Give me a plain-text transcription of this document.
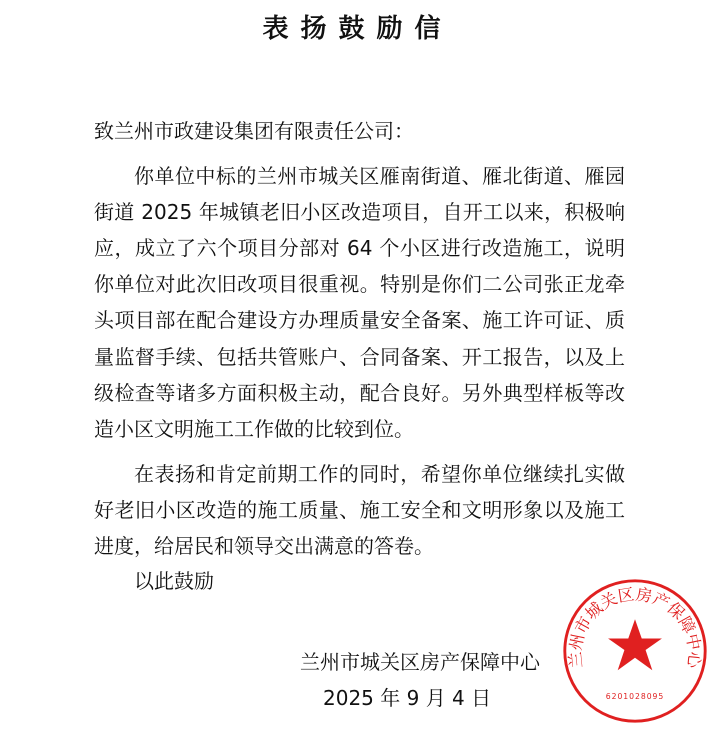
表扬鼓励信
致兰州市政建设集团有限责任公司：
你单位中标的兰州市城关区雁南街道、雁北街道、雁园
街道 2025 年城镇老旧小区改造项目，自开工以来，积极响
应，成立了六个项目分部对 64 个小区进行改造施工，说明
你单位对此次旧改项目很重视。特别是你们二公司张正龙牵
头项目部在配合建设方办理质量安全备案、施工许可证、质
量监督手续、包括共管账户、合同备案、开工报告，以及上
级检查等诸多方面积极主动，配合良好。另外典型样板等改
造小区文明施工工作做的比较到位。
在表扬和肯定前期工作的同时，希望你单位继续扎实做
好老旧小区改造的施工质量、施工安全和文明形象以及施工
进度，给居民和领导交出满意的答卷。
以此鼓励
兰州市城关区房产保障中心
6201028095
兰州市城关区房产保障中心
2025 年 9 月 4 日
